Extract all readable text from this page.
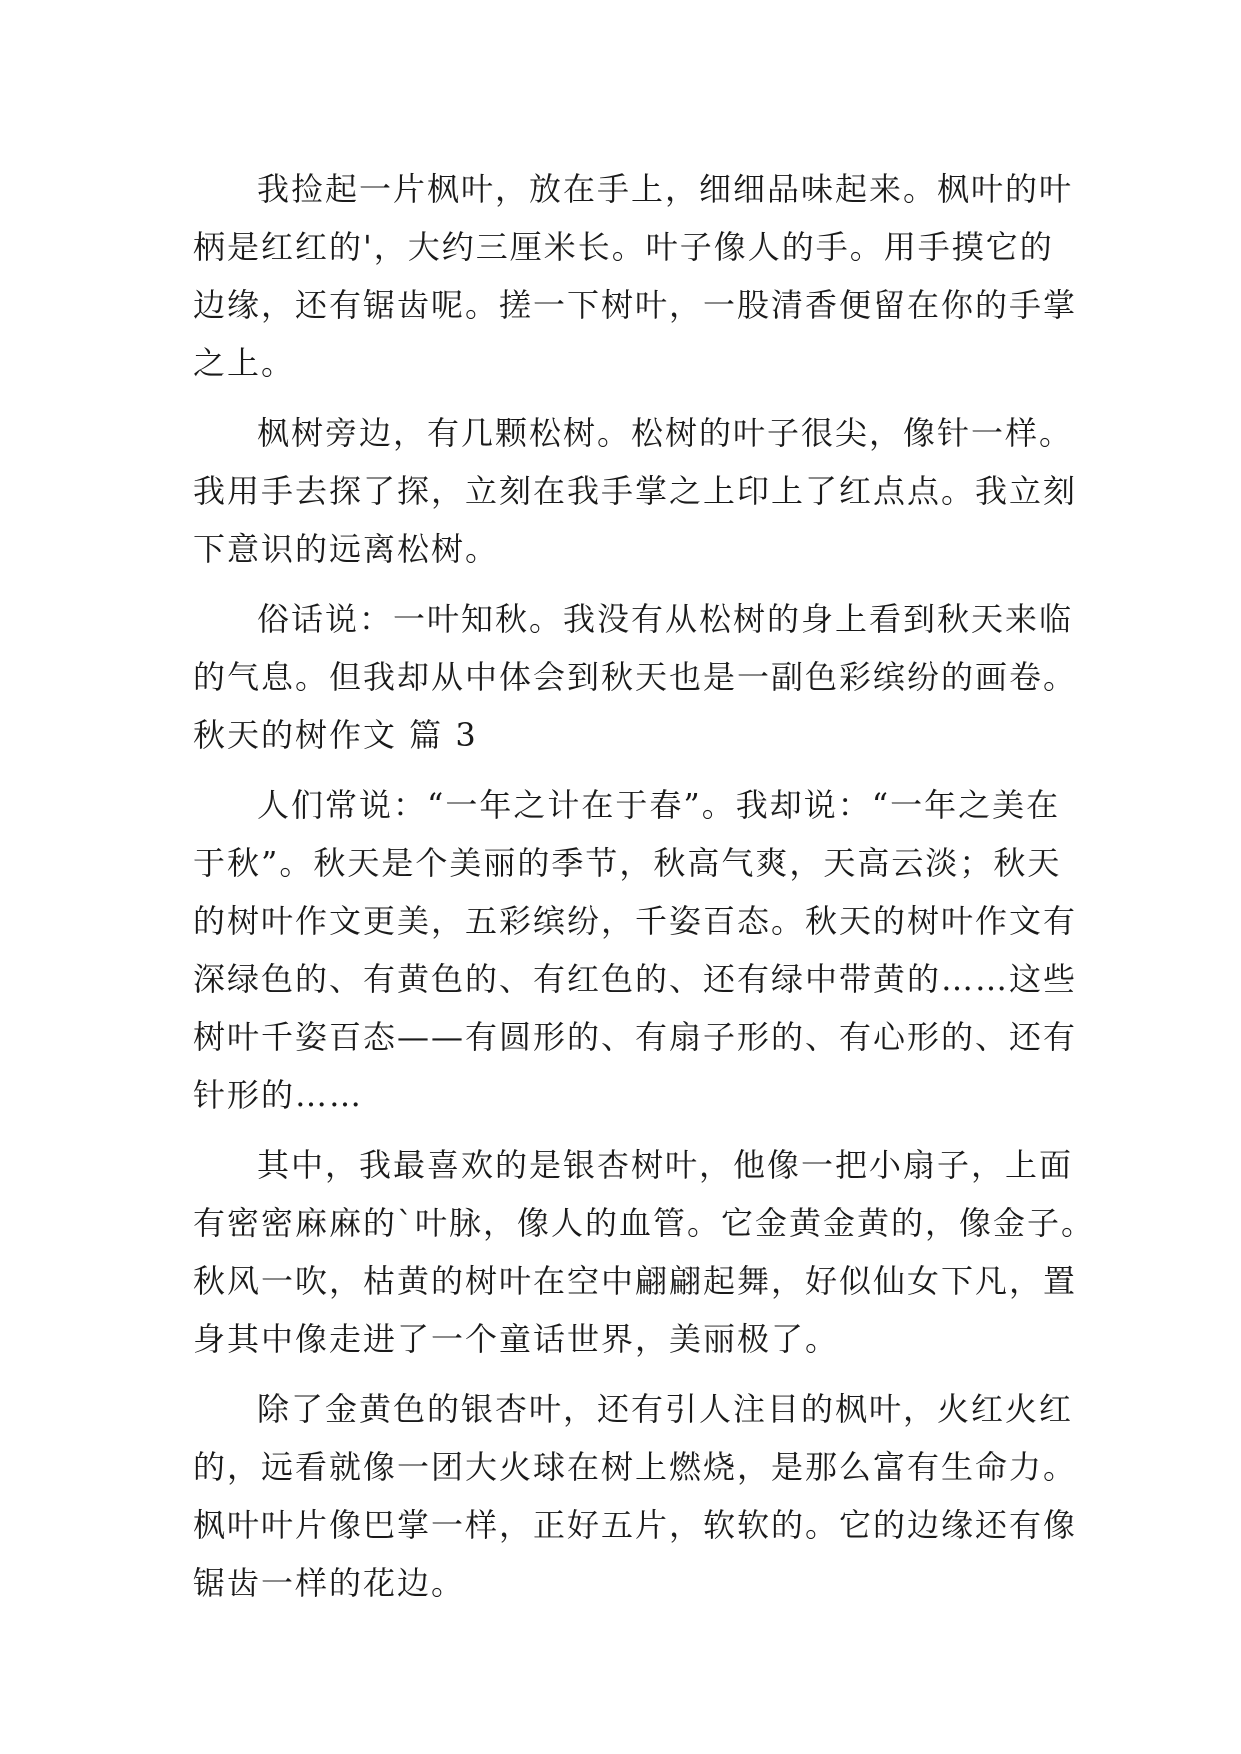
我捡起一片枫叶，放在手上，细细品味起来。枫叶的叶
柄是红红的'，大约三厘米长。叶子像人的手。用手摸它的
边缘，还有锯齿呢。搓一下树叶，一股清香便留在你的手掌
之上。
枫树旁边，有几颗松树。松树的叶子很尖，像针一样。
我用手去探了探，立刻在我手掌之上印上了红点点。我立刻
下意识的远离松树。
俗话说：一叶知秋。我没有从松树的身上看到秋天来临
的气息。但我却从中体会到秋天也是一副色彩缤纷的画卷。
秋天的树作文 篇 3
人们常说：“一年之计在于春”。我却说：“一年之美在
于秋”。秋天是个美丽的季节，秋高气爽，天高云淡；秋天
的树叶作文更美，五彩缤纷，千姿百态。秋天的树叶作文有
深绿色的、有黄色的、有红色的、还有绿中带黄的……这些
树叶千姿百态——有圆形的、有扇子形的、有心形的、还有
针形的……
其中，我最喜欢的是银杏树叶，他像一把小扇子，上面
有密密麻麻的`叶脉，像人的血管。它金黄金黄的，像金子。
秋风一吹，枯黄的树叶在空中翩翩起舞，好似仙女下凡，置
身其中像走进了一个童话世界，美丽极了。
除了金黄色的银杏叶，还有引人注目的枫叶，火红火红
的，远看就像一团大火球在树上燃烧，是那么富有生命力。
枫叶叶片像巴掌一样，正好五片，软软的。它的边缘还有像
锯齿一样的花边。
